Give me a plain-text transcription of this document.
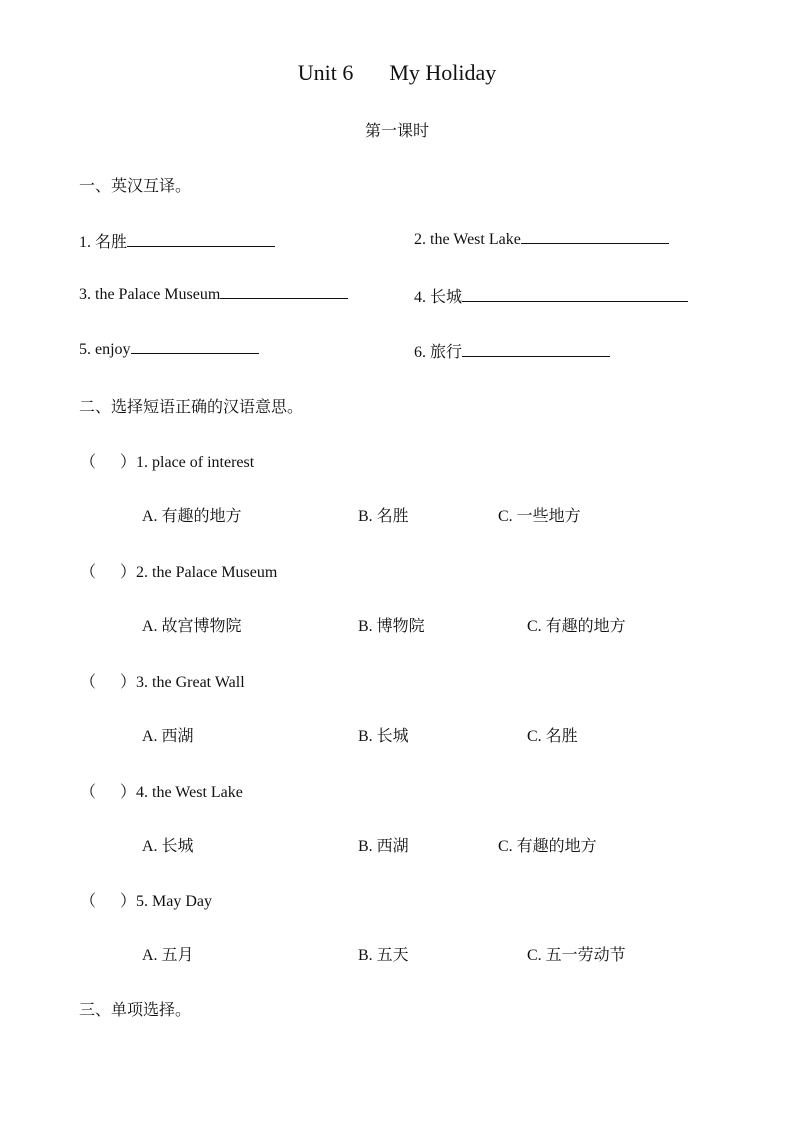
Unit 6 My Holiday
第一课时
一、英汉互译。
1. 名胜	2. the West Lake
3. the Palace Museum	4. 长城
5. enjoy	6. 旅行
二、选择短语正确的汉语意思。
（ ）1. place of interest
A. 有趣的地方	B. 名胜	C. 一些地方
（ ）2. the Palace Museum
A. 故宫博物院	B. 博物院	C. 有趣的地方
（ ）3. the Great Wall
A. 西湖	B. 长城	C. 名胜
（ ）4. the West Lake
A. 长城	B. 西湖	C. 有趣的地方
（ ）5. May Day
A. 五月	B. 五天	C. 五一劳动节
三、单项选择。
